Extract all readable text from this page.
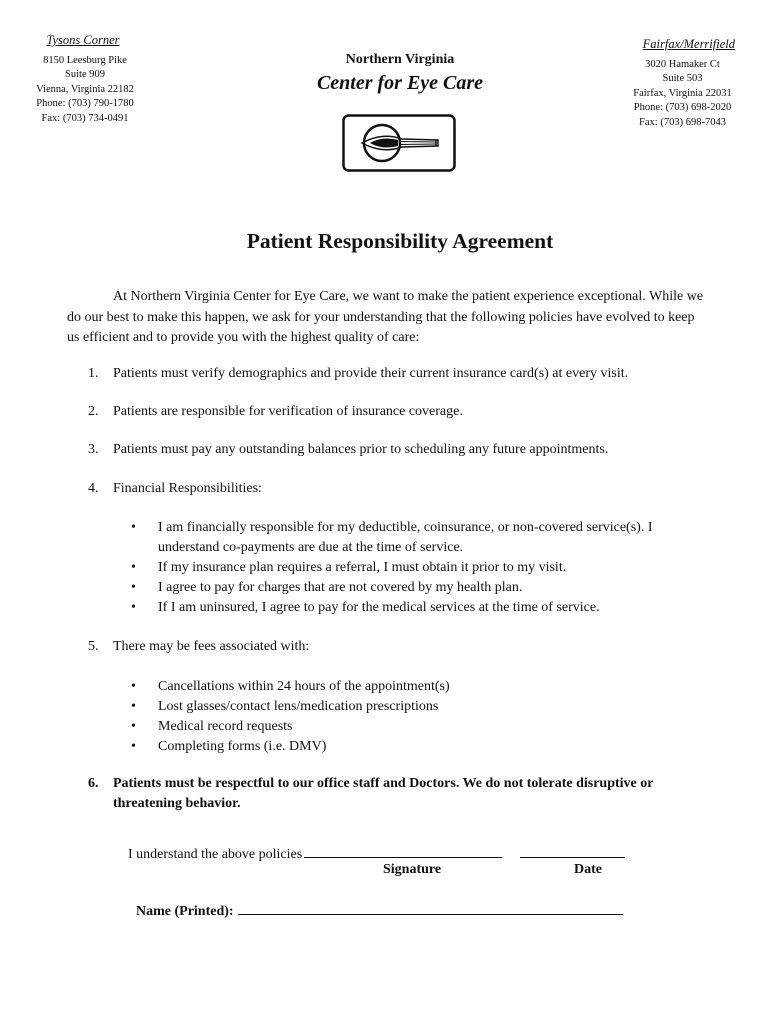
Tysons Corner
8150 Leesburg Pike
Suite 909
Vienna, Virginia 22182
Phone: (703) 790-1780
Fax: (703) 734-0491
Northern Virginia
Center for Eye Care
Fairfax/Merrifield
3020 Hamaker Ct
Suite 503
Fairfax, Virginia 22031
Phone: (703) 698-2020
Fax: (703) 698-7043
Patient Responsibility Agreement
At Northern Virginia Center for Eye Care, we want to make the patient experience exceptional. While we do our best to make this happen, we ask for your understanding that the following policies have evolved to keep us efficient and to provide you with the highest quality of care:
1. Patients must verify demographics and provide their current insurance card(s) at every visit.
2. Patients are responsible for verification of insurance coverage.
3. Patients must pay any outstanding balances prior to scheduling any future appointments.
4. Financial Responsibilities:
• I am financially responsible for my deductible, coinsurance, or non-covered service(s). I understand co-payments are due at the time of service.
• If my insurance plan requires a referral, I must obtain it prior to my visit.
• I agree to pay for charges that are not covered by my health plan.
• If I am uninsured, I agree to pay for the medical services at the time of service.
5. There may be fees associated with:
• Cancellations within 24 hours of the appointment(s)
• Lost glasses/contact lens/medication prescriptions
• Medical record requests
• Completing forms (i.e. DMV)
6. Patients must be respectful to our office staff and Doctors. We do not tolerate disruptive or threatening behavior.
I understand the above policies
Signature	Date
Name (Printed):
